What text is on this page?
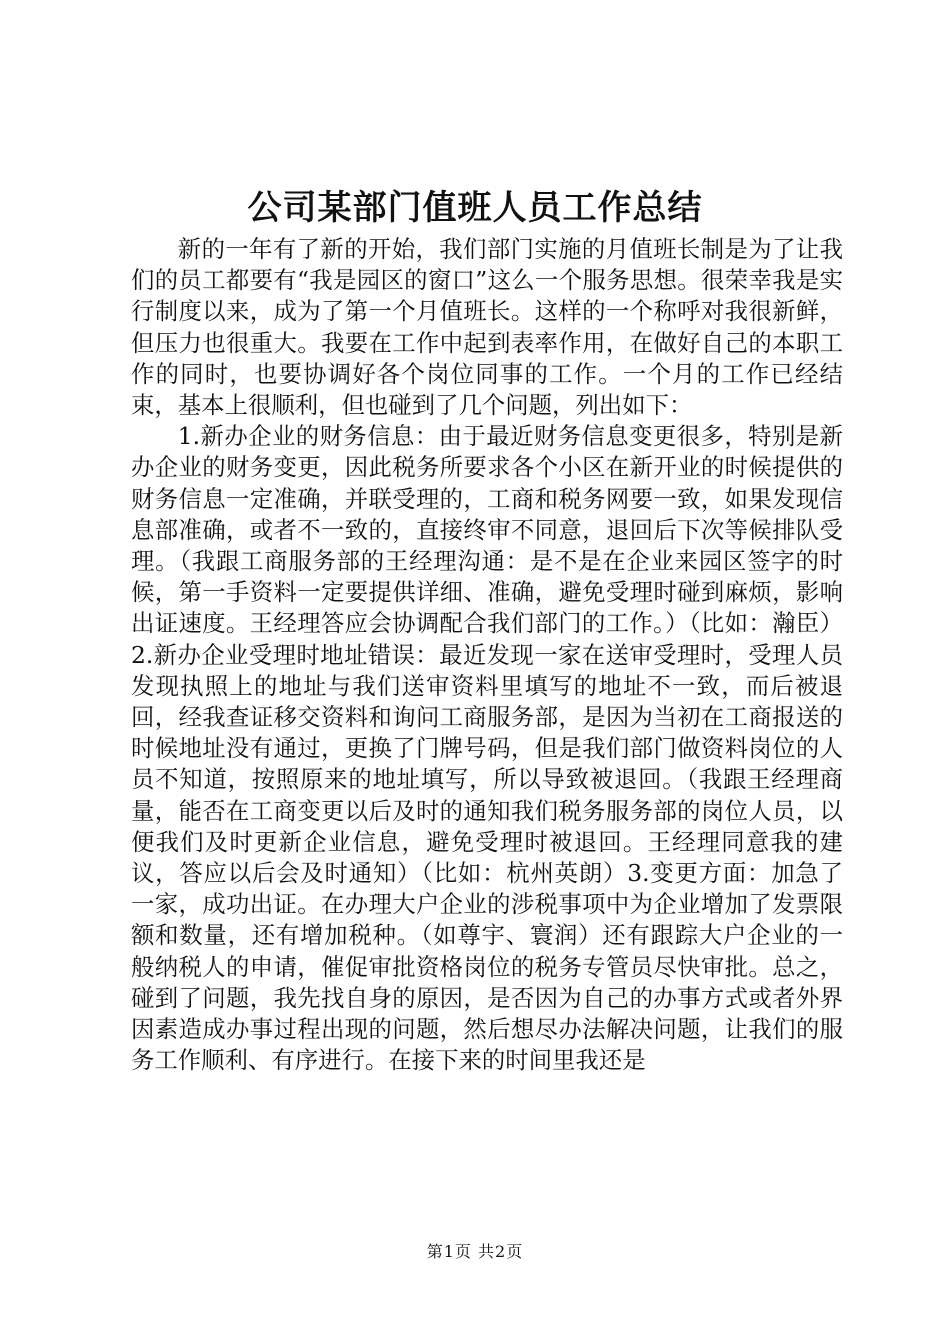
公司某部门值班人员工作总结

新的一年有了新的开始，我们部门实施的月值班长制是为了让我们的员工都要有“我是园区的窗口”这么一个服务思想。很荣幸我是实行制度以来，成为了第一个月值班长。这样的一个称呼对我很新鲜，但压力也很重大。我要在工作中起到表率作用，在做好自己的本职工作的同时，也要协调好各个岗位同事的工作。一个月的工作已经结束，基本上很顺利，但也碰到了几个问题，列出如下：

1.新办企业的财务信息：由于最近财务信息变更很多，特别是新办企业的财务变更，因此税务所要求各个小区在新开业的时候提供的财务信息一定准确，并联受理的，工商和税务网要一致，如果发现信息部准确，或者不一致的，直接终审不同意，退回后下次等候排队受理。（我跟工商服务部的王经理沟通：是不是在企业来园区签字的时候，第一手资料一定要提供详细、准确，避免受理时碰到麻烦，影响出证速度。王经理答应会协调配合我们部门的工作。）（比如：瀚臣）2.新办企业受理时地址错误：最近发现一家在送审受理时，受理人员发现执照上的地址与我们送审资料里填写的地址不一致，而后被退回，经我查证移交资料和询问工商服务部，是因为当初在工商报送的时候地址没有通过，更换了门牌号码，但是我们部门做资料岗位的人员不知道，按照原来的地址填写，所以导致被退回。（我跟王经理商量，能否在工商变更以后及时的通知我们税务服务部的岗位人员，以便我们及时更新企业信息，避免受理时被退回。王经理同意我的建议，答应以后会及时通知）（比如：杭州英朗）3.变更方面：加急了一家，成功出证。在办理大户企业的涉税事项中为企业增加了发票限额和数量，还有增加税种。（如尊宇、寰润）还有跟踪大户企业的一般纳税人的申请，催促审批资格岗位的税务专管员尽快审批。总之，碰到了问题，我先找自身的原因，是否因为自己的办事方式或者外界因素造成办事过程出现的问题，然后想尽办法解决问题，让我们的服务工作顺利、有序进行。在接下来的时间里我还是

第1页 共2页
